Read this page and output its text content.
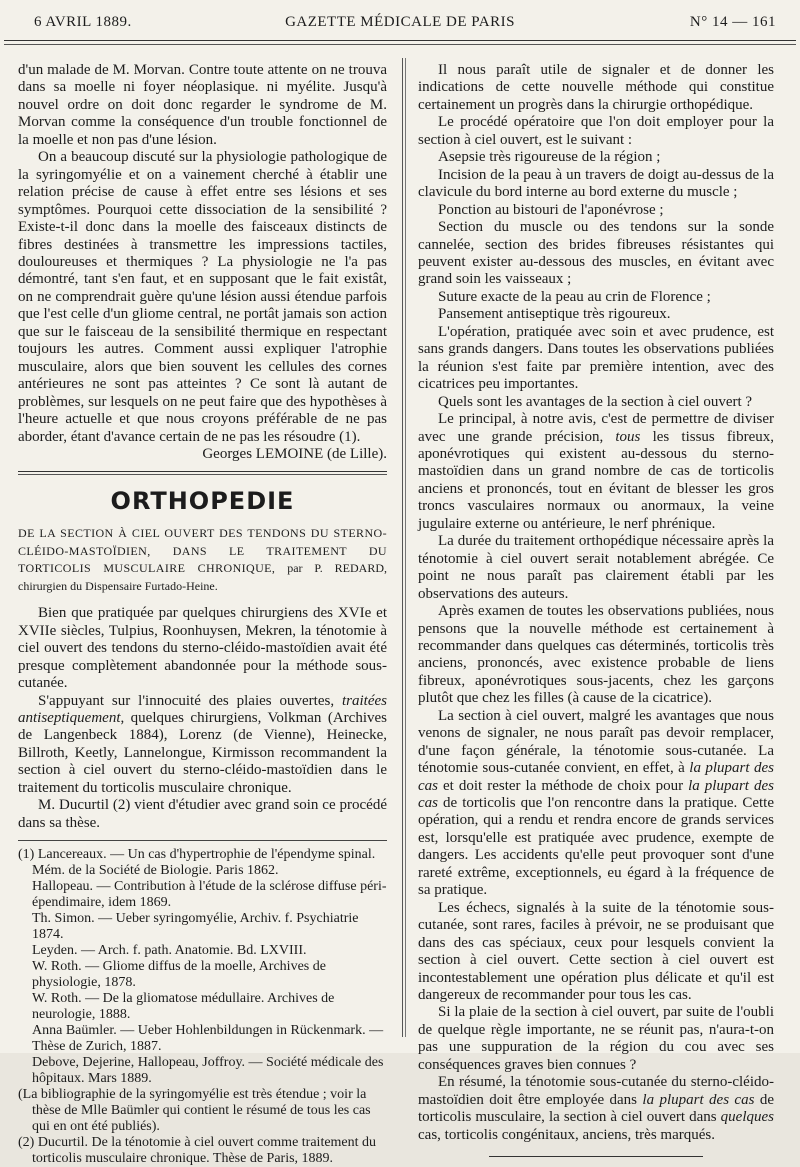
6 AVRIL 1889.	GAZETTE MÉDICALE DE PARIS	N° 14 — 161

d'un malade de M. Morvan. Contre toute attente on ne trouva dans sa moelle ni foyer néoplasique. ni myélite. Jusqu'à nouvel ordre on doit donc regarder le syndrome de M. Morvan comme la conséquence d'un trouble fonctionnel de la moelle et non pas d'une lésion.

On a beaucoup discuté sur la physiologie pathologique de la syringomyélie et on a vainement cherché à établir une relation précise de cause à effet entre ses lésions et ses symptômes. Pourquoi cette dissociation de la sensibilité ? Existe-t-il donc dans la moelle des faisceaux distincts de fibres destinées à transmettre les impressions tactiles, douloureuses et thermiques ? La physiologie ne l'a pas démontré, tant s'en faut, et en supposant que le fait existât, on ne comprendrait guère qu'une lésion aussi étendue parfois que l'est celle d'un gliome central, ne portât jamais son action que sur le faisceau de la sensibilité thermique en respectant toujours les autres. Comment aussi expliquer l'atrophie musculaire, alors que bien souvent les cellules des cornes antérieures ne sont pas atteintes ? Ce sont là autant de problèmes, sur lesquels on ne peut faire que des hypothèses à l'heure actuelle et que nous croyons préférable de ne pas aborder, étant d'avance certain de ne pas les résoudre (1).

Georges LEMOINE (de Lille).

ORTHOPEDIE
DE LA SECTION À CIEL OUVERT DES TENDONS DU STERNO-CLÉIDO-MASTOÏDIEN, DANS LE TRAITEMENT DU TORTICOLIS MUSCULAIRE CHRONIQUE, par P. REDARD, chirurgien du Dispensaire Furtado-Heine.

Bien que pratiquée par quelques chirurgiens des XVIe et XVIIe siècles, Tulpius, Roonhuysen, Mekren, la ténotomie à ciel ouvert des tendons du sterno-cléido-mastoïdien avait été presque complètement abandonnée pour la méthode sous-cutanée.

S'appuyant sur l'innocuité des plaies ouvertes, traitées antiseptiquement, quelques chirurgiens, Volkman (Archives de Langenbeck 1884), Lorenz (de Vienne), Heinecke, Billroth, Keetly, Lannelongue, Kirmisson recommandent la section à ciel ouvert du sterno-cléido-mastoïdien dans le traitement du torticolis musculaire chronique.

M. Ducurtil (2) vient d'étudier avec grand soin ce procédé dans sa thèse.

(1) Lancereaux. — Un cas d'hypertrophie de l'épendyme spinal. Mém. de la Société de Biologie. Paris 1862.

Hallopeau. — Contribution à l'étude de la sclérose diffuse péri-épendimaire, idem 1869.

Th. Simon. — Ueber syringomyélie, Archiv. f. Psychiatrie 1874.

Leyden. — Arch. f. path. Anatomie. Bd. LXVIII.

W. Roth. — Gliome diffus de la moelle, Archives de physiologie, 1878.

W. Roth. — De la gliomatose médullaire. Archives de neurologie, 1888.

Anna Baümler. — Ueber Hohlenbildungen in Rückenmark. — Thèse de Zurich, 1887.

Debove, Dejerine, Hallopeau, Joffroy. — Société médicale des hôpitaux. Mars 1889.

(La bibliographie de la syringomyélie est très étendue ; voir la thèse de Mlle Baümler qui contient le résumé de tous les cas qui en ont été publiés).

(2) Ducurtil. De la ténotomie à ciel ouvert comme traitement du torticolis musculaire chronique. Thèse de Paris, 1889.

Il nous paraît utile de signaler et de donner les indications de cette nouvelle méthode qui constitue certainement un progrès dans la chirurgie orthopédique.

Le procédé opératoire que l'on doit employer pour la section à ciel ouvert, est le suivant :

Asepsie très rigoureuse de la région ;

Incision de la peau à un travers de doigt au-dessus de la clavicule du bord interne au bord externe du muscle ;

Ponction au bistouri de l'aponévrose ;

Section du muscle ou des tendons sur la sonde cannelée, section des brides fibreuses résistantes qui peuvent exister au-dessous des muscles, en évitant avec grand soin les vaisseaux ;

Suture exacte de la peau au crin de Florence ;

Pansement antiseptique très rigoureux.

L'opération, pratiquée avec soin et avec prudence, est sans grands dangers. Dans toutes les observations publiées la réunion s'est faite par première intention, avec des cicatrices peu importantes.

Quels sont les avantages de la section à ciel ouvert ?

Le principal, à notre avis, c'est de permettre de diviser avec une grande précision, tous les tissus fibreux, aponévrotiques qui existent au-dessous du sterno-mastoïdien dans un grand nombre de cas de torticolis anciens et prononcés, tout en évitant de blesser les gros troncs vasculaires normaux ou anormaux, la veine jugulaire externe ou antérieure, le nerf phrénique.

La durée du traitement orthopédique nécessaire après la ténotomie à ciel ouvert serait notablement abrégée. Ce point ne nous paraît pas clairement établi par les observations des auteurs.

Après examen de toutes les observations publiées, nous pensons que la nouvelle méthode est certainement à recommander dans quelques cas déterminés, torticolis très anciens, prononcés, avec existence probable de liens fibreux, aponévrotiques sous-jacents, chez les garçons plutôt que chez les filles (à cause de la cicatrice).

La section à ciel ouvert, malgré les avantages que nous venons de signaler, ne nous paraît pas devoir remplacer, d'une façon générale, la ténotomie sous-cutanée. La ténotomie sous-cutanée convient, en effet, à la plupart des cas et doit rester la méthode de choix pour la plupart des cas de torticolis que l'on rencontre dans la pratique. Cette opération, qui a rendu et rendra encore de grands services est, lorsqu'elle est pratiquée avec prudence, exempte de dangers. Les accidents qu'elle peut provoquer sont d'une rareté extrême, exceptionnels, eu égard à la fréquence de sa pratique.

Les échecs, signalés à la suite de la ténotomie sous-cutanée, sont rares, faciles à prévoir, ne se produisant que dans des cas spéciaux, ceux pour lesquels convient la section à ciel ouvert. Cette section à ciel ouvert est incontestablement une opération plus délicate et qu'il est dangereux de recommander pour tous les cas.

Si la plaie de la section à ciel ouvert, par suite de l'oubli de quelque règle importante, ne se réunit pas, n'aura-t-on pas une suppuration de la région du cou avec ses conséquences graves bien connues ?

En résumé, la ténotomie sous-cutanée du sterno-cléido-mastoïdien doit être employée dans la plupart des cas de torticolis musculaire, la section à ciel ouvert dans quelques cas, torticolis congénitaux, anciens, très marqués.
